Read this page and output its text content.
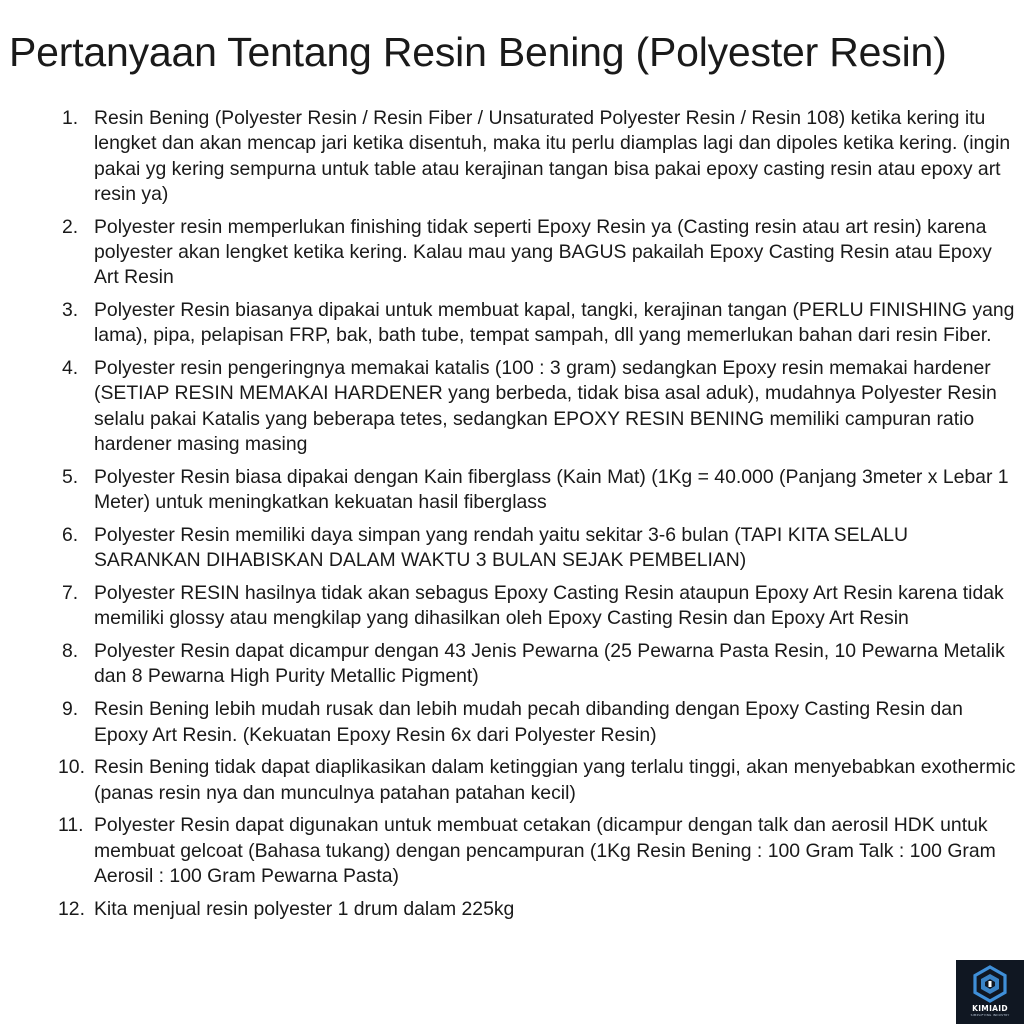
Pertanyaan Tentang Resin Bening (Polyester Resin)
1. Resin Bening (Polyester Resin / Resin Fiber / Unsaturated Polyester Resin / Resin 108) ketika kering itu lengket dan akan mencap jari ketika disentuh, maka itu perlu diamplas lagi dan dipoles ketika kering. (ingin pakai yg kering sempurna untuk table atau kerajinan tangan bisa pakai epoxy casting resin atau epoxy art resin ya)

2. Polyester resin memperlukan finishing tidak seperti Epoxy Resin ya (Casting resin atau art resin) karena polyester akan lengket ketika kering. Kalau mau yang BAGUS pakailah Epoxy Casting Resin atau Epoxy Art Resin

3. Polyester Resin biasanya dipakai untuk membuat kapal, tangki, kerajinan tangan (PERLU FINISHING yang lama), pipa, pelapisan FRP, bak, bath tube, tempat sampah, dll yang memerlukan bahan dari resin Fiber.

4. Polyester resin pengeringnya memakai katalis (100 : 3 gram) sedangkan Epoxy resin memakai hardener (SETIAP RESIN MEMAKAI HARDENER yang berbeda, tidak bisa asal aduk), mudahnya Polyester Resin selalu pakai Katalis yang beberapa tetes, sedangkan EPOXY RESIN BENING memiliki campuran ratio hardener masing masing

5. Polyester Resin biasa dipakai dengan Kain fiberglass (Kain Mat) (1Kg = 40.000 (Panjang 3meter x Lebar 1 Meter) untuk meningkatkan kekuatan hasil fiberglass

6. Polyester Resin memiliki daya simpan yang rendah yaitu sekitar 3-6 bulan (TAPI KITA SELALU SARANKAN DIHABISKAN DALAM WAKTU 3 BULAN SEJAK PEMBELIAN)

7. Polyester RESIN hasilnya tidak akan sebagus Epoxy Casting Resin ataupun Epoxy Art Resin karena tidak memiliki glossy atau mengkilap yang dihasilkan oleh Epoxy Casting Resin dan Epoxy Art Resin

8. Polyester Resin dapat dicampur dengan 43 Jenis Pewarna (25 Pewarna Pasta Resin, 10 Pewarna Metalik dan 8 Pewarna High Purity Metallic Pigment)

9. Resin Bening lebih mudah rusak dan lebih mudah pecah dibanding dengan Epoxy Casting Resin dan Epoxy Art Resin. (Kekuatan Epoxy Resin 6x dari Polyester Resin)

10. Resin Bening tidak dapat diaplikasikan dalam ketinggian yang terlalu tinggi, akan menyebabkan exothermic (panas resin nya dan munculnya patahan patahan kecil)

11. Polyester Resin dapat digunakan untuk membuat cetakan (dicampur dengan talk dan aerosil HDK untuk membuat gelcoat (Bahasa tukang) dengan pencampuran (1Kg Resin Bening : 100 Gram Talk : 100 Gram Aerosil : 100 Gram Pewarna Pasta)

12. Kita menjual resin polyester 1 drum dalam 225kg

KIMIAID
SIMPLIFYING INDUSTRY
